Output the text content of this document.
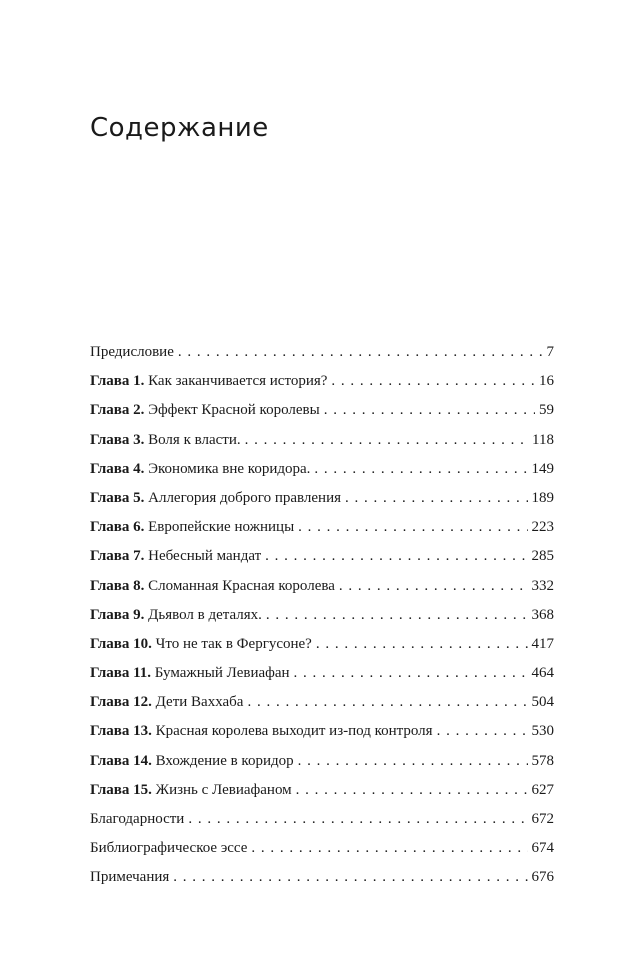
Содержание
Предисловие . . .	7
Глава 1. Как заканчивается история? . . .	16
Глава 2. Эффект Красной королевы . . .	59
Глава 3. Воля к власти. . . .	118
Глава 4. Экономика вне коридора. . . .	149
Глава 5. Аллегория доброго правления . . .	189
Глава 6. Европейские ножницы . . .	223
Глава 7. Небесный мандат . . .	285
Глава 8. Сломанная Красная королева . . .	332
Глава 9. Дьявол в деталях. . . .	368
Глава 10. Что не так в Фергусоне? . . .	417
Глава 11. Бумажный Левиафан . . .	464
Глава 12. Дети Ваххаба . . .	504
Глава 13. Красная королева выходит из-под контроля . . .	530
Глава 14. Вхождение в коридор . . .	578
Глава 15. Жизнь с Левиафаном . . .	627
Благодарности . . .	672
Библиографическое эссе . . .	674
Примечания . . .	676
